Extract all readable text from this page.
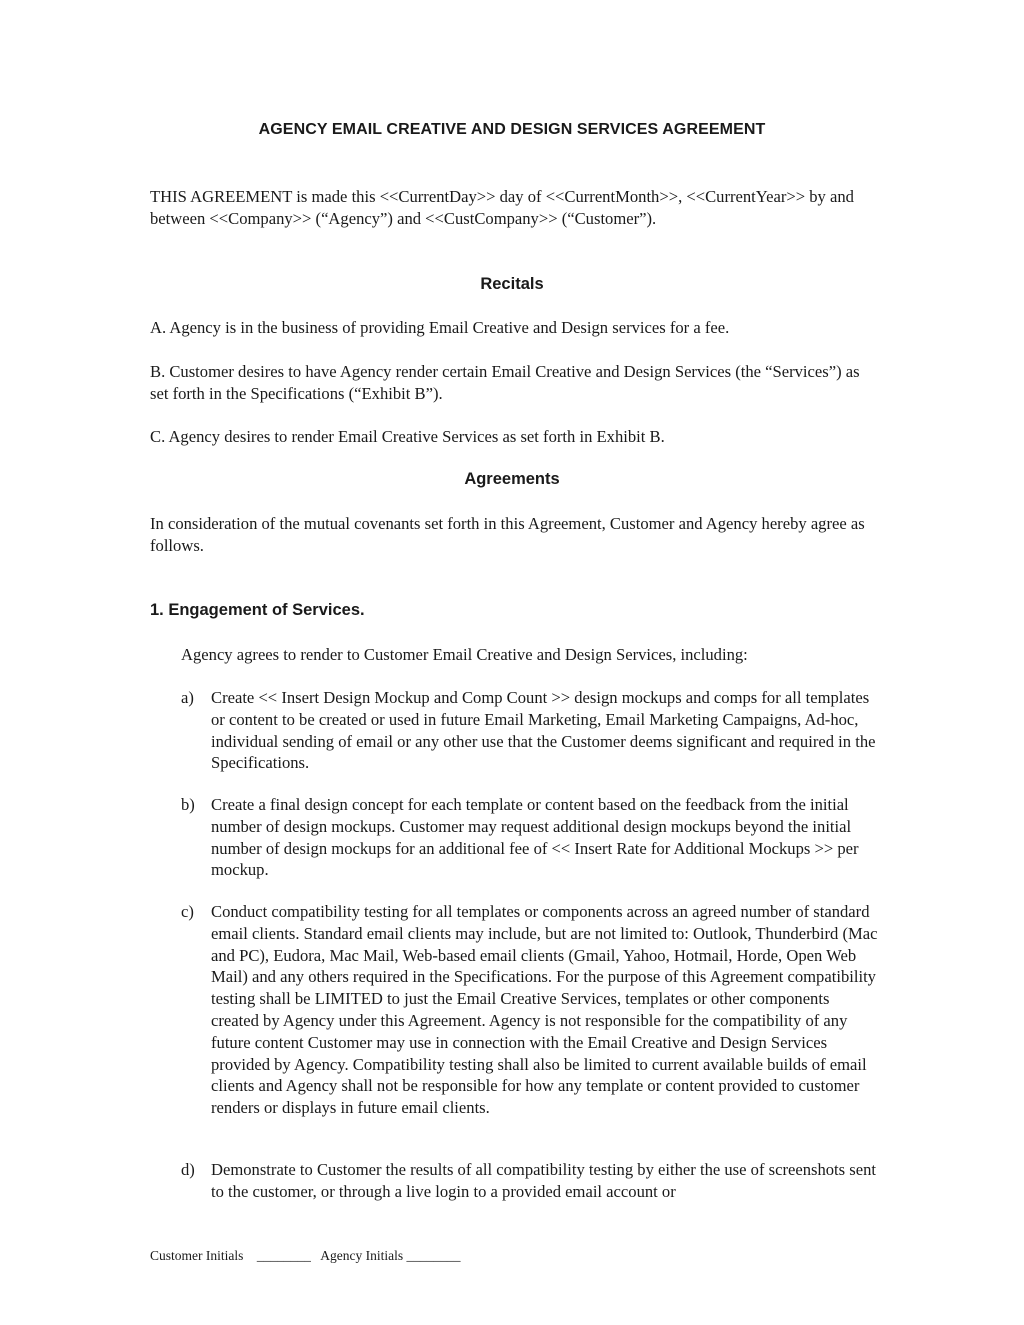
AGENCY EMAIL CREATIVE AND DESIGN SERVICES AGREEMENT

THIS AGREEMENT is made this <<CurrentDay>> day of <<CurrentMonth>>, <<CurrentYear>> by and between <<Company>> (“Agency”) and <<CustCompany>> (“Customer”).

Recitals

A. Agency is in the business of providing Email Creative and Design services for a fee.

B. Customer desires to have Agency render certain Email Creative and Design Services (the “Services”) as set forth in the Specifications (“Exhibit B”).

C. Agency desires to render Email Creative Services as set forth in Exhibit B.

Agreements

In consideration of the mutual covenants set forth in this Agreement, Customer and Agency hereby agree as follows.

1. Engagement of Services.
Agency agrees to render to Customer Email Creative and Design Services, including:
a) Create << Insert Design Mockup and Comp Count >> design mockups and comps for all templates or content to be created or used in future Email Marketing, Email Marketing Campaigns, Ad-hoc, individual sending of email or any other use that the Customer deems significant and required in the Specifications.
b) Create a final design concept for each template or content based on the feedback from the initial number of design mockups. Customer may request additional design mockups beyond the initial number of design mockups for an additional fee of << Insert Rate for Additional Mockups >> per mockup.
c) Conduct compatibility testing for all templates or components across an agreed number of standard email clients. Standard email clients may include, but are not limited to: Outlook, Thunderbird (Mac and PC), Eudora, Mac Mail, Web-based email clients (Gmail, Yahoo, Hotmail, Horde, Open Web Mail) and any others required in the Specifications. For the purpose of this Agreement compatibility testing shall be LIMITED to just the Email Creative Services, templates or other components created by Agency under this Agreement. Agency is not responsible for the compatibility of any future content Customer may use in connection with the Email Creative and Design Services provided by Agency. Compatibility testing shall also be limited to current available builds of email clients and Agency shall not be responsible for how any template or content provided to customer renders or displays in future email clients.
d) Demonstrate to Customer the results of all compatibility testing by either the use of screenshots sent to the customer, or through a live login to a provided email account or
Customer Initials ________ Agency Initials ________
